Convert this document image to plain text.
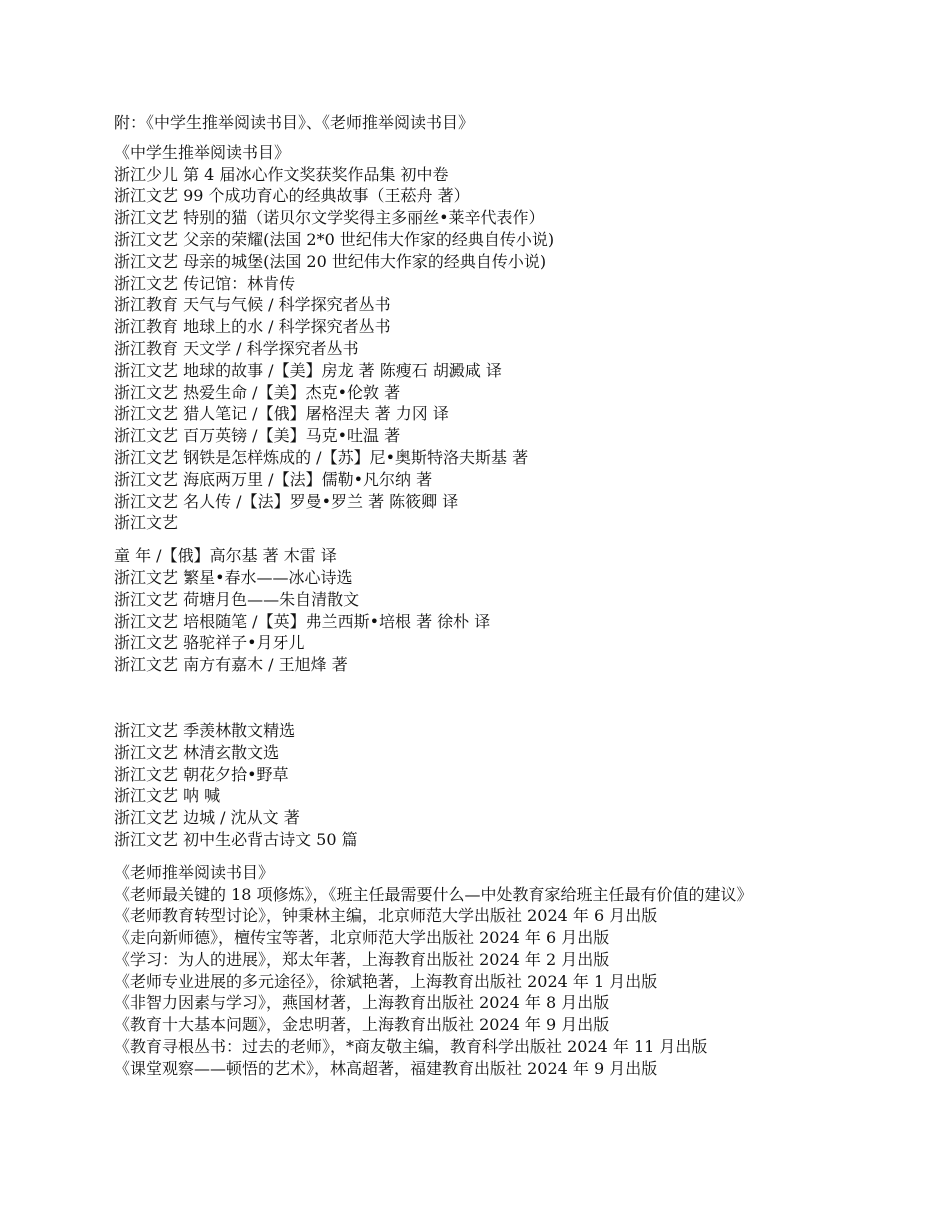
附：《中学生推举阅读书目》、《老师推举阅读书目》
《中学生推举阅读书目》
浙江少儿 第 4 届冰心作文奖获奖作品集 初中卷
浙江文艺 99 个成功育心的经典故事（王菘舟 著）
浙江文艺 特别的猫（诺贝尔文学奖得主多丽丝•莱辛代表作）
浙江文艺 父亲的荣耀(法国 2*0 世纪伟大作家的经典自传小说)
浙江文艺 母亲的城堡(法国 20 世纪伟大作家的经典自传小说)
浙江文艺 传记馆：林肯传
浙江教育 天气与气候 / 科学探究者丛书
浙江教育 地球上的水 / 科学探究者丛书
浙江教育 天文学 / 科学探究者丛书
浙江文艺 地球的故事 /【美】房龙 著 陈瘦石 胡澱咸 译
浙江文艺 热爱生命 /【美】杰克•伦敦 著
浙江文艺 猎人笔记 /【俄】屠格涅夫 著 力冈 译
浙江文艺 百万英镑 /【美】马克•吐温 著
浙江文艺 钢铁是怎样炼成的 /【苏】尼•奥斯特洛夫斯基 著
浙江文艺 海底两万里 /【法】儒勒•凡尔纳 著
浙江文艺 名人传 /【法】罗曼•罗兰 著 陈筱卿 译
浙江文艺
童 年 /【俄】高尔基 著 木雷 译
浙江文艺 繁星•春水——冰心诗选
浙江文艺 荷塘月色——朱自清散文
浙江文艺 培根随笔 /【英】弗兰西斯•培根 著 徐朴 译
浙江文艺 骆驼祥子•月牙儿
浙江文艺 南方有嘉木 / 王旭烽 著
浙江文艺 季羡林散文精选
浙江文艺 林清玄散文选
浙江文艺 朝花夕拾•野草
浙江文艺 呐 喊
浙江文艺 边城 / 沈从文 著
浙江文艺 初中生必背古诗文 50 篇
《老师推举阅读书目》
《老师最关键的 18 项修炼》，《班主任最需要什么—中处教育家给班主任最有价值的建议》
《老师教育转型讨论》，钟秉林主编，北京师范大学出版社 2024 年 6 月出版
《走向新师德》，檀传宝等著，北京师范大学出版社 2024 年 6 月出版
《学习：为人的进展》，郑太年著，上海教育出版社 2024 年 2 月出版
《老师专业进展的多元途径》，徐斌艳著，上海教育出版社 2024 年 1 月出版
《非智力因素与学习》，燕国材著，上海教育出版社 2024 年 8 月出版
《教育十大基本问题》，金忠明著，上海教育出版社 2024 年 9 月出版
《教育寻根丛书：过去的老师》，*商友敬主编，教育科学出版社 2024 年 11 月出版
《课堂观察——顿悟的艺术》，林高超著，福建教育出版社 2024 年 9 月出版
